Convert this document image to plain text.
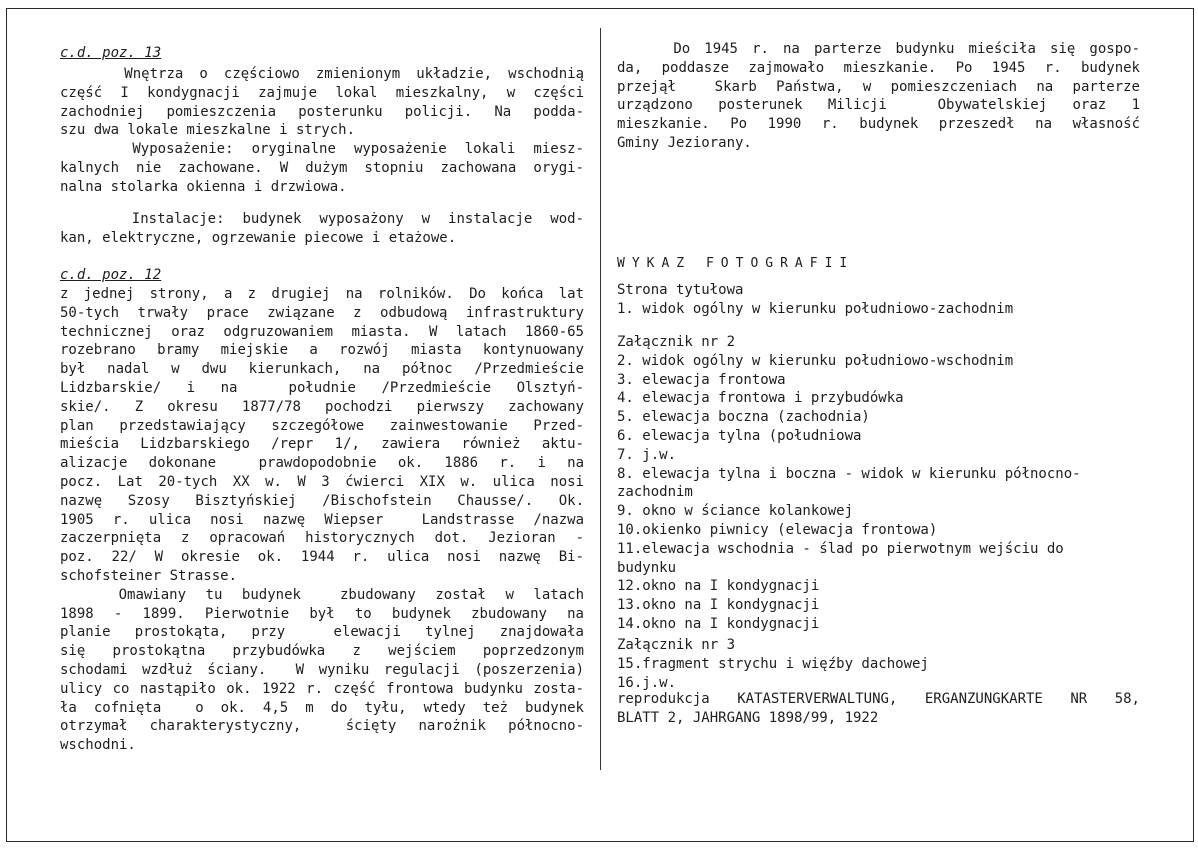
c.d. poz. 13
Wnętrza o częściowo zmienionym układzie, wschodnią
część I kondygnacji zajmuje lokal mieszkalny, w części
zachodniej pomieszczenia posterunku policji. Na podda-
szu dwa lokale mieszkalne i strych.
Wyposażenie: oryginalne wyposażenie lokali miesz-
kalnych nie zachowane. W dużym stopniu zachowana orygi-
nalna stolarka okienna i drzwiowa.
Instalacje: budynek wyposażony w instalacje wod-
kan, elektryczne, ogrzewanie piecowe i etażowe.
c.d. poz. 12
z jednej strony, a z drugiej na rolników. Do końca lat
50-tych trwały prace związane z odbudową infrastruktury
technicznej oraz odgruzowaniem miasta. W latach 1860-65
rozebrano bramy miejskie a rozwój miasta kontynuowany
był nadal w dwu kierunkach, na północ /Przedmieście
Lidzbarskie/ i na  południe /Przedmieście Olsztyń-
skie/. Z okresu 1877/78 pochodzi pierwszy zachowany
plan przedstawiający szczegółowe zainwestowanie Przed-
mieścia Lidzbarskiego /repr 1/, zawiera również aktu-
alizacje dokonane  prawdopodobnie ok. 1886 r. i na
pocz. Lat 20-tych XX w. W 3 ćwierci XIX w. ulica nosi
nazwę Szosy Bisztyńskiej /Bischofstein Chausse/. Ok.
1905 r. ulica nosi nazwę Wiepser  Landstrasse /nazwa
zaczerpnięta z opracowań historycznych dot. Jezioran -
poz. 22/ W okresie ok. 1944 r. ulica nosi nazwę Bi-
schofsteiner Strasse.
Omawiany tu budynek  zbudowany został w latach
1898 - 1899. Pierwotnie był to budynek zbudowany na
planie prostokąta, przy  elewacji tylnej znajdowała
się prostokątna przybudówka z wejściem poprzedzonym
schodami wzdłuż ściany.  W wyniku regulacji (poszerzenia)
ulicy co nastąpiło ok. 1922 r. część frontowa budynku zosta-
ła cofnięta  o ok. 4,5 m do tyłu, wtedy też budynek
otrzymał charakterystyczny,  ścięty narożnik północno-
wschodni.
Do 1945 r. na parterze budynku mieściła się gospo-
da, poddasze zajmowało mieszkanie. Po 1945 r. budynek
przejął  Skarb Państwa, w pomieszczeniach na parterze
urządzono posterunek Milicji  Obywatelskiej oraz 1
mieszkanie. Po 1990 r. budynek przeszedł na własność
Gminy Jeziorany.
WYKAZ FOTOGRAFII
Strona tytułowa
1. widok ogólny w kierunku południowo-zachodnim
Załącznik nr 2
2. widok ogólny w kierunku południowo-wschodnim
3. elewacja frontowa
4. elewacja frontowa i przybudówka
5. elewacja boczna (zachodnia)
6. elewacja tylna (południowa
7. j.w.
8. elewacja tylna i boczna - widok w kierunku północno-
zachodnim
9. okno w ściance kolankowej
10.okienko piwnicy (elewacja frontowa)
11.elewacja wschodnia - ślad po pierwotnym wejściu do
budynku
12.okno na I kondygnacji
13.okno na I kondygnacji
14.okno na I kondygnacji
Załącznik nr 3
15.fragment strychu i więźby dachowej
16.j.w.
reprodukcja KATASTERVERWALTUNG, ERGANZUNGKARTE NR 58,
BLATT 2, JAHRGANG 1898/99, 1922
